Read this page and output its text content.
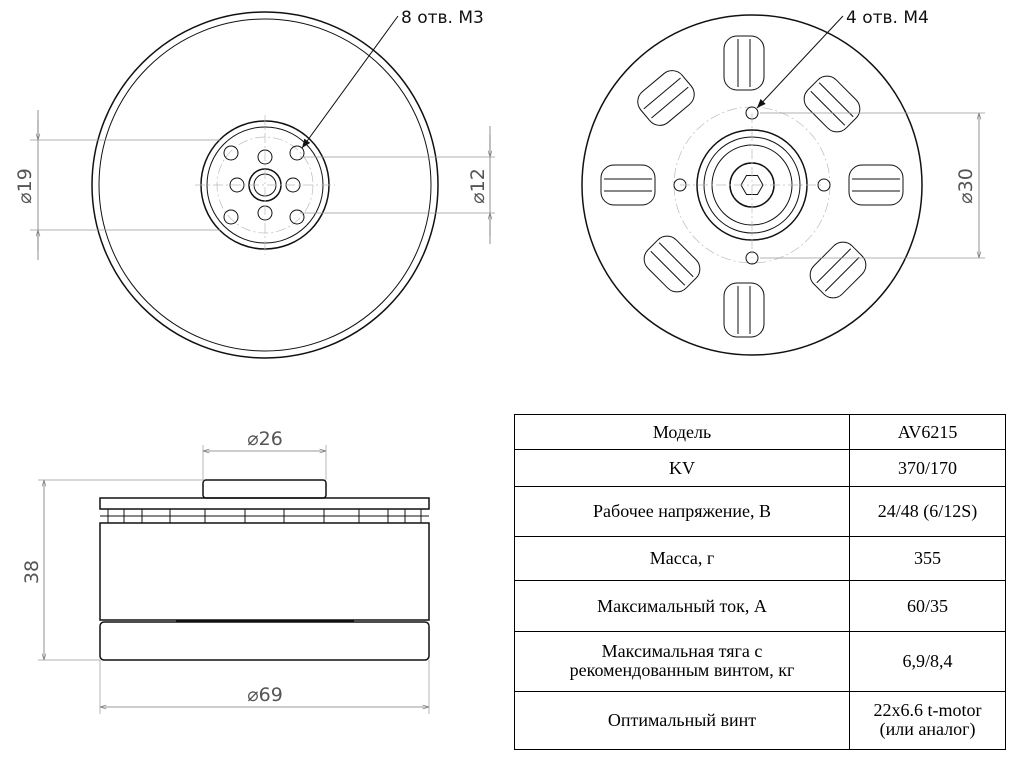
⌀19	⌀12
8 отв. М3
⌀30
4 отв. М4
⌀26
38
⌀69
Модель	AV6215
KV	370/170
Рабочее напряжение, В	24/48 (6/12S)
Масса, г	355
Максимальный ток, А	60/35
Максимальная тяга с
рекомендованным винтом, кг	6,9/8,4
Оптимальный винт	22x6.6 t-motor
(или аналог)
